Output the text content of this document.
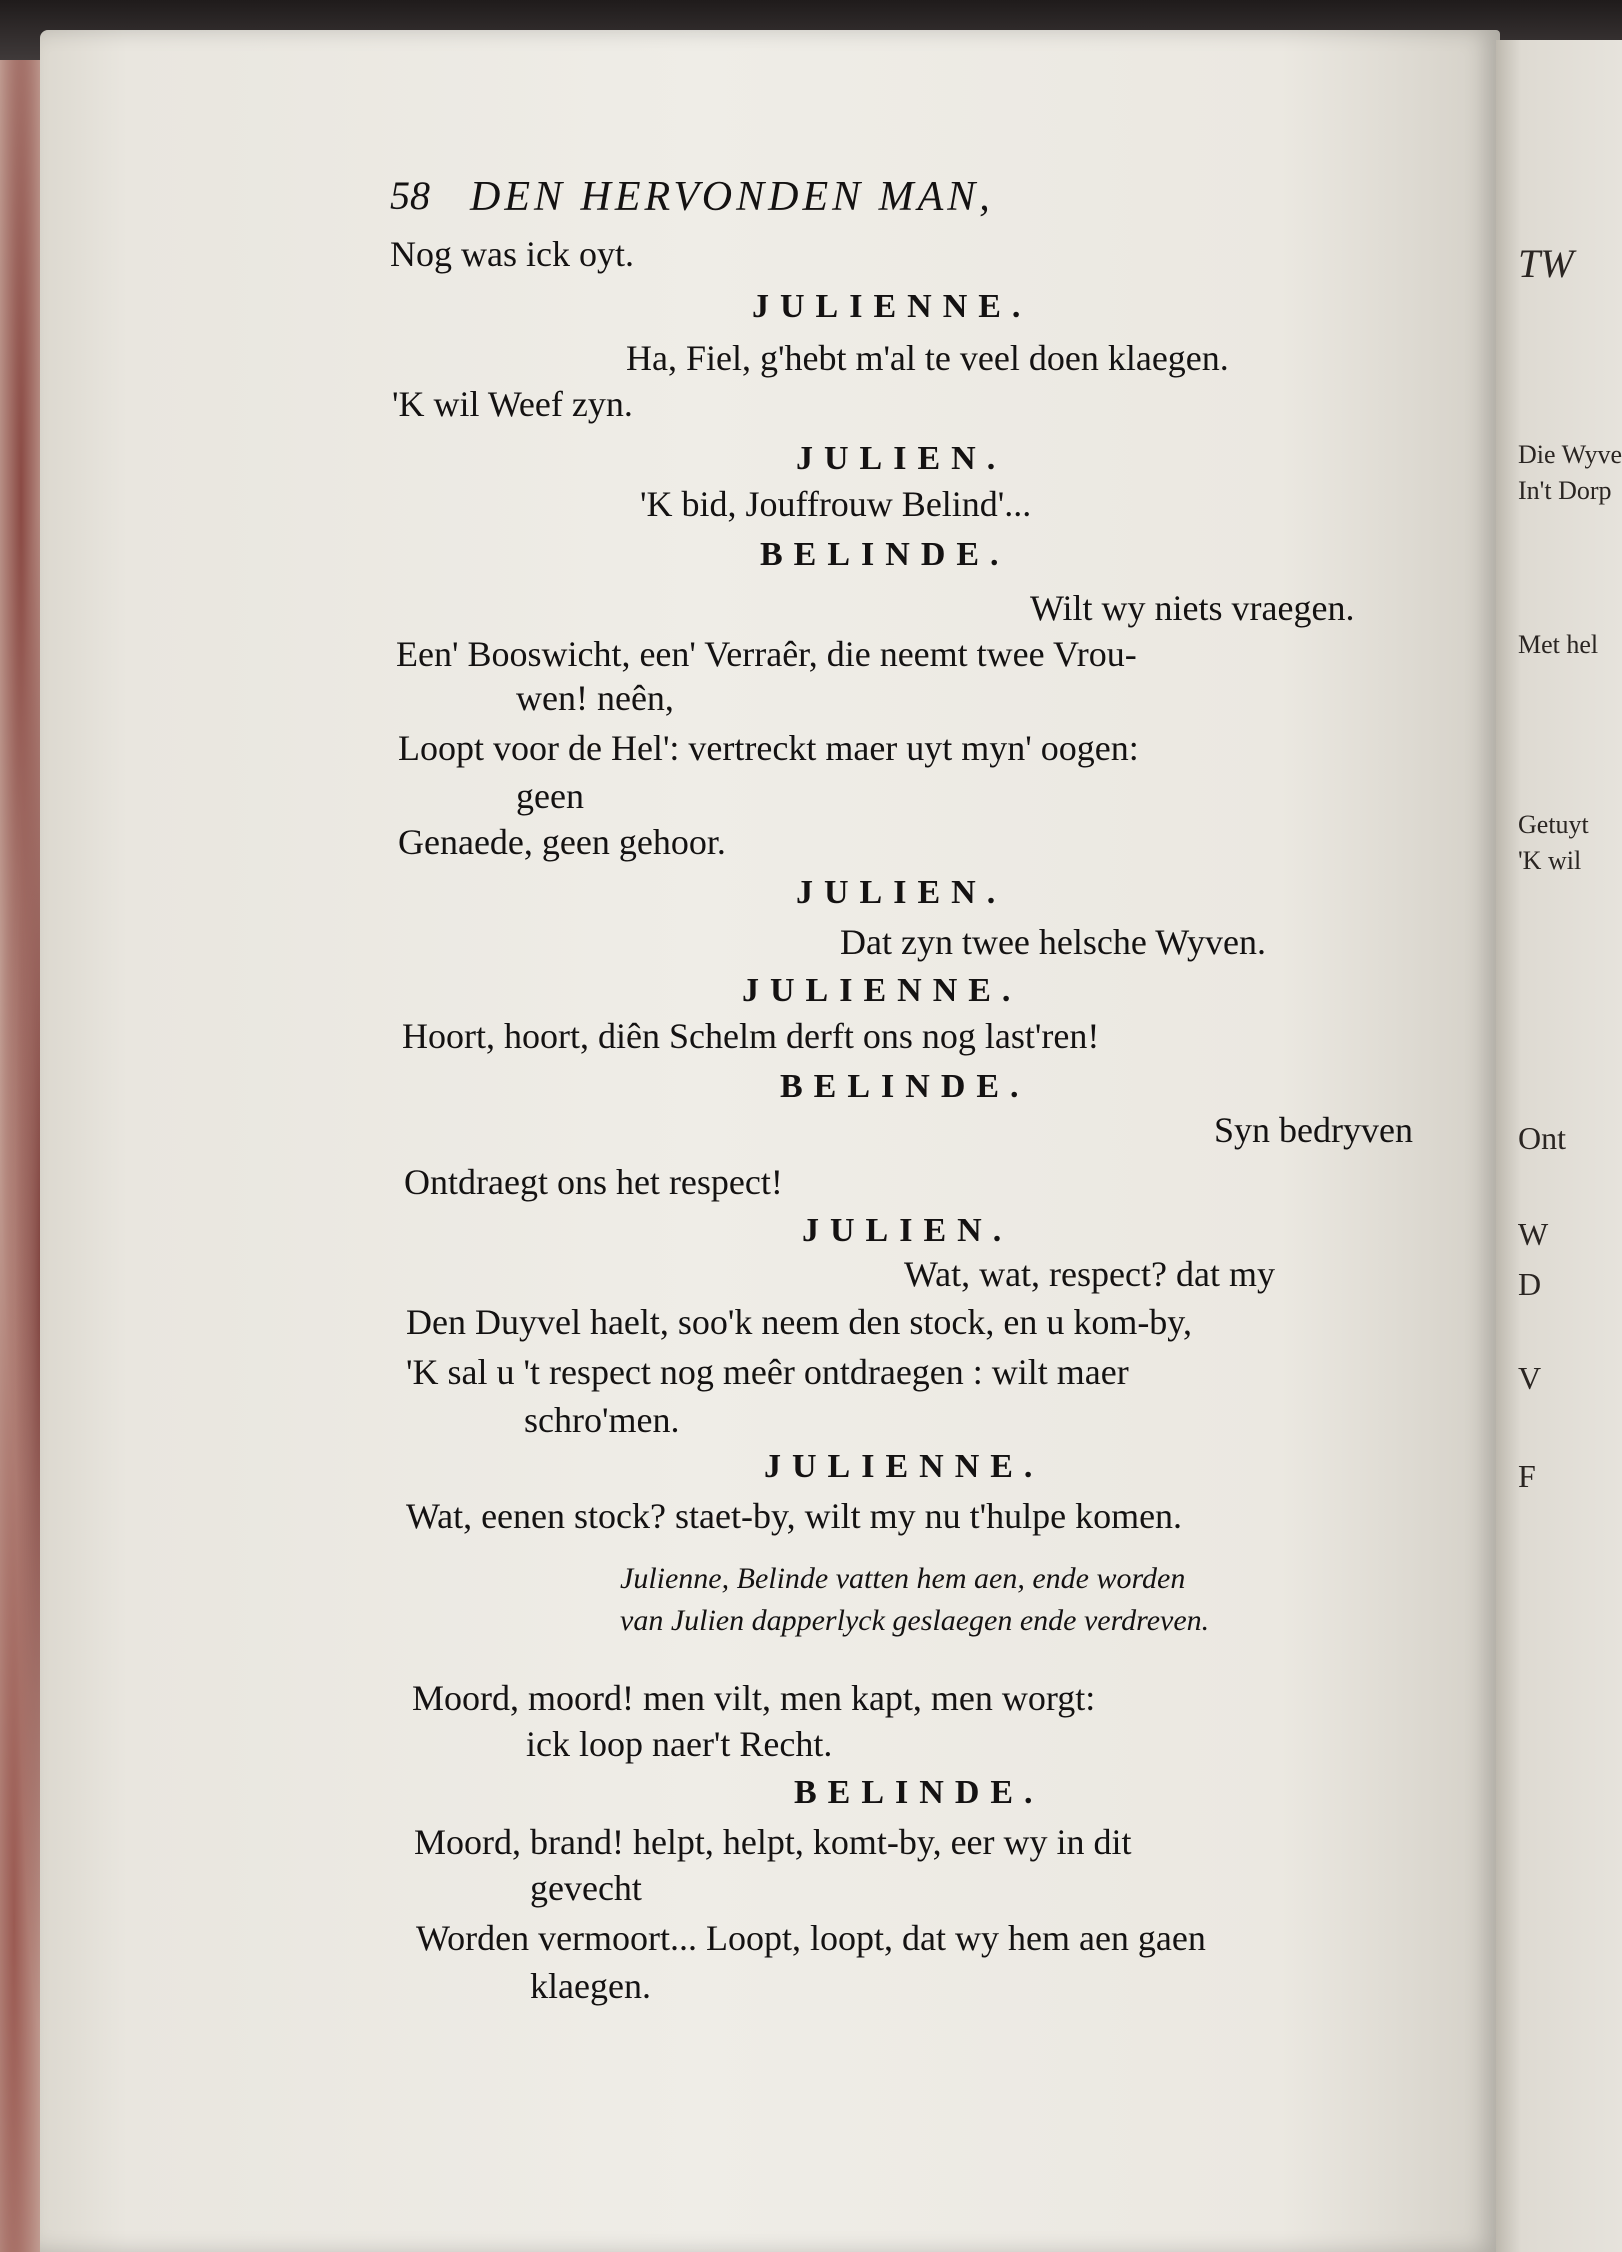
58 DEN HERVONDEN MAN,
Nog was ick oyt.
JULIENNE.
Ha, Fiel, g'hebt m'al te veel doen klaegen.
'K wil Weef zyn.
JULIEN.
'K bid, Jouffrouw Belind'...
BELINDE.
Wilt wy niets vraegen.
Een' Booswicht, een' Verraêr, die neemt twee Vrou-
wen! neên,
Loopt voor de Hel': vertreckt maer uyt myn' oogen:
geen
Genaede, geen gehoor.
JULIEN.
Dat zyn twee helsche Wyven.
JULIENNE.
Hoort, hoort, diên Schelm derft ons nog last'ren!
BELINDE.
Syn bedryven
Ontdraegt ons het respect!
JULIEN.
Wat, wat, respect? dat my
Den Duyvel haelt, soo'k neem den stock, en u kom-by,
'K sal u 't respect nog meêr ontdraegen : wilt maer
schro'men.
JULIENNE.
Wat, eenen stock? staet-by, wilt my nu t'hulpe komen.
Julienne, Belinde vatten hem aen, ende worden
van Julien dapperlyck geslaegen ende verdreven.
Moord, moord! men vilt, men kapt, men worgt:
ick loop naer't Recht.
BELINDE.
Moord, brand! helpt, helpt, komt-by, eer wy in dit
gevecht
Worden vermoort... Loopt, loopt, dat wy hem aen gaen
klaegen.
TW
Die Wyve
In't Dorp
Met hel
Getuyt
'K wil
Ont
W
D
V
F
